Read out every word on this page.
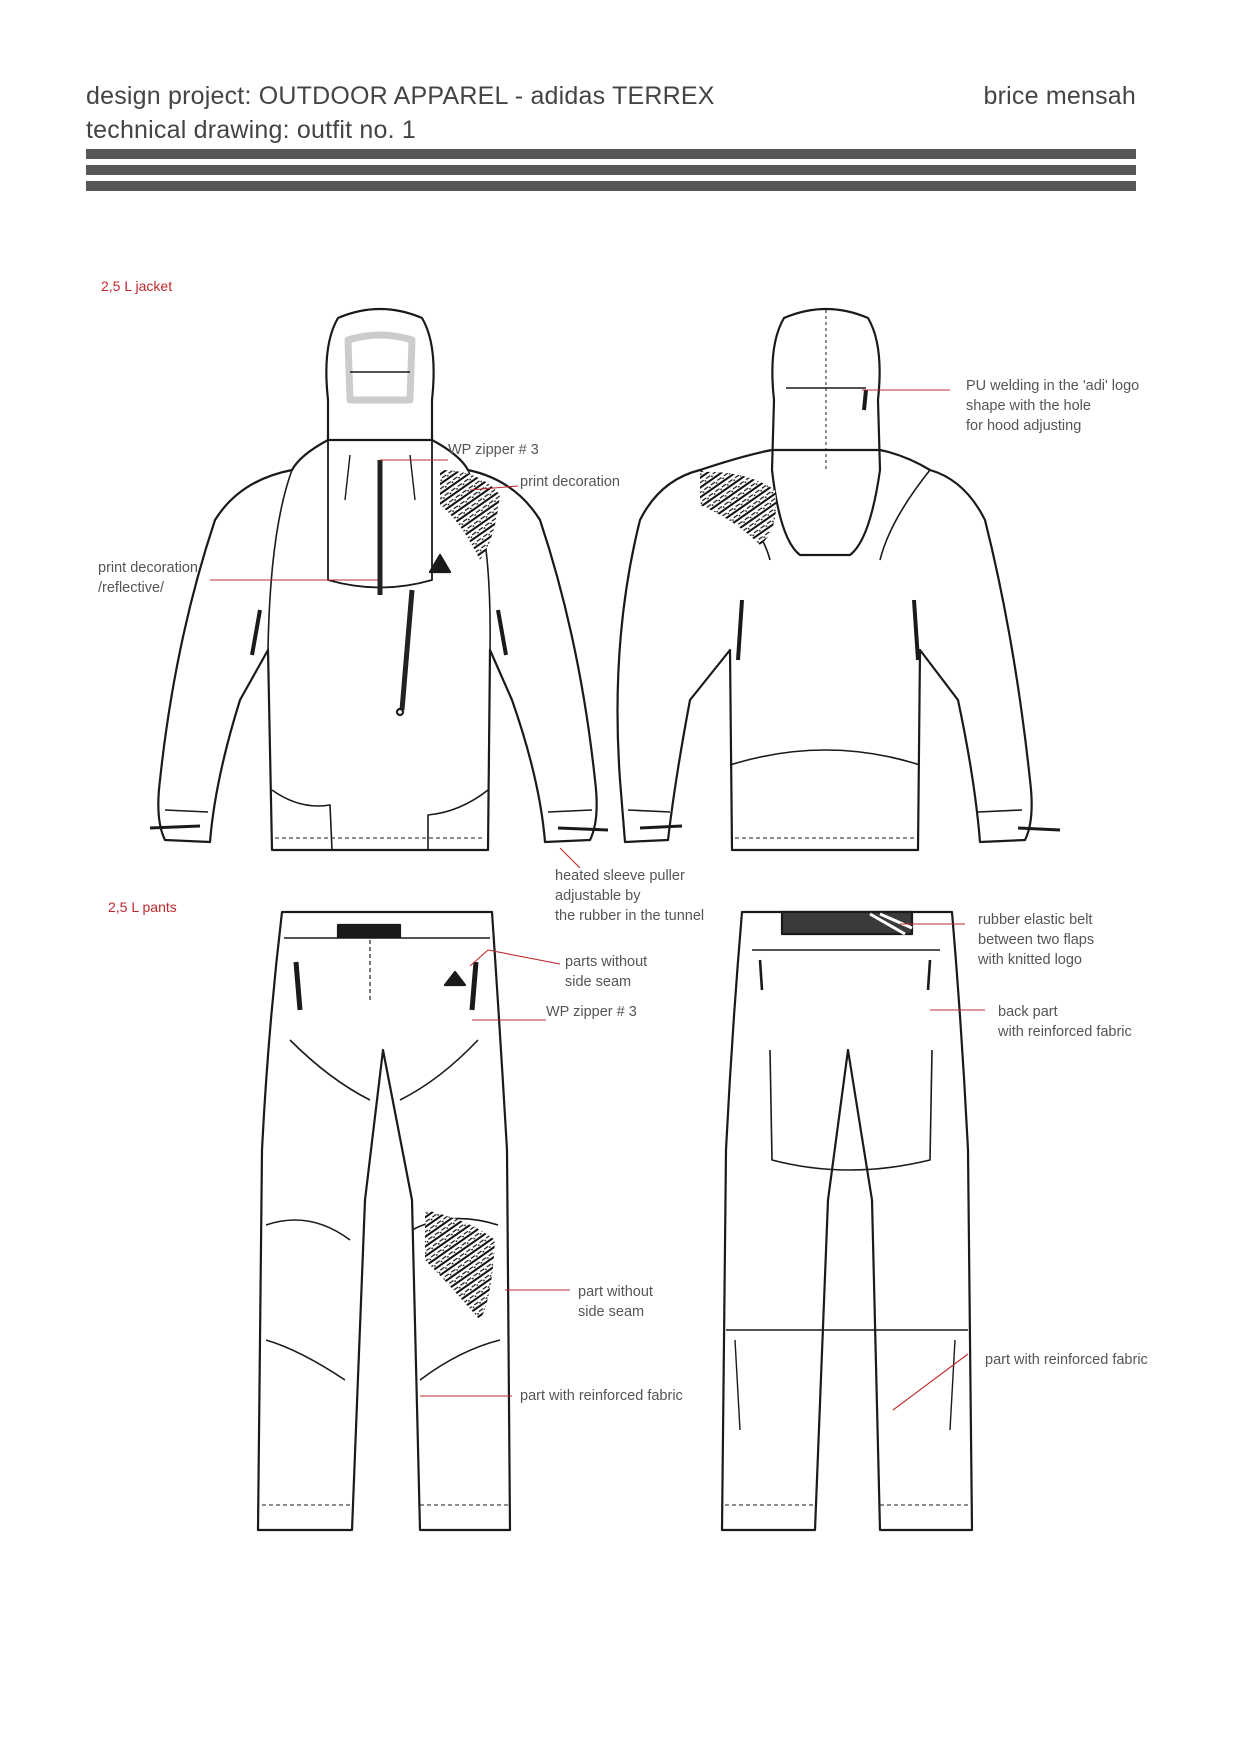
design project: OUTDOOR APPAREL - adidas TERREX
technical drawing: outfit no. 1
brice mensah
2,5 L jacket
2,5 L pants
WP zipper # 3
print decoration
print decoration
/reflective/
PU welding in the 'adi' logo
shape with the hole
for hood adjusting
heated sleeve puller
adjustable by
the rubber in the tunnel	rubber elastic belt
between two flaps
with knitted logo
parts without
side seam
WP zipper # 3	back part
with reinforced fabric
part without
side seam
part with reinforced fabric
part with reinforced fabric
